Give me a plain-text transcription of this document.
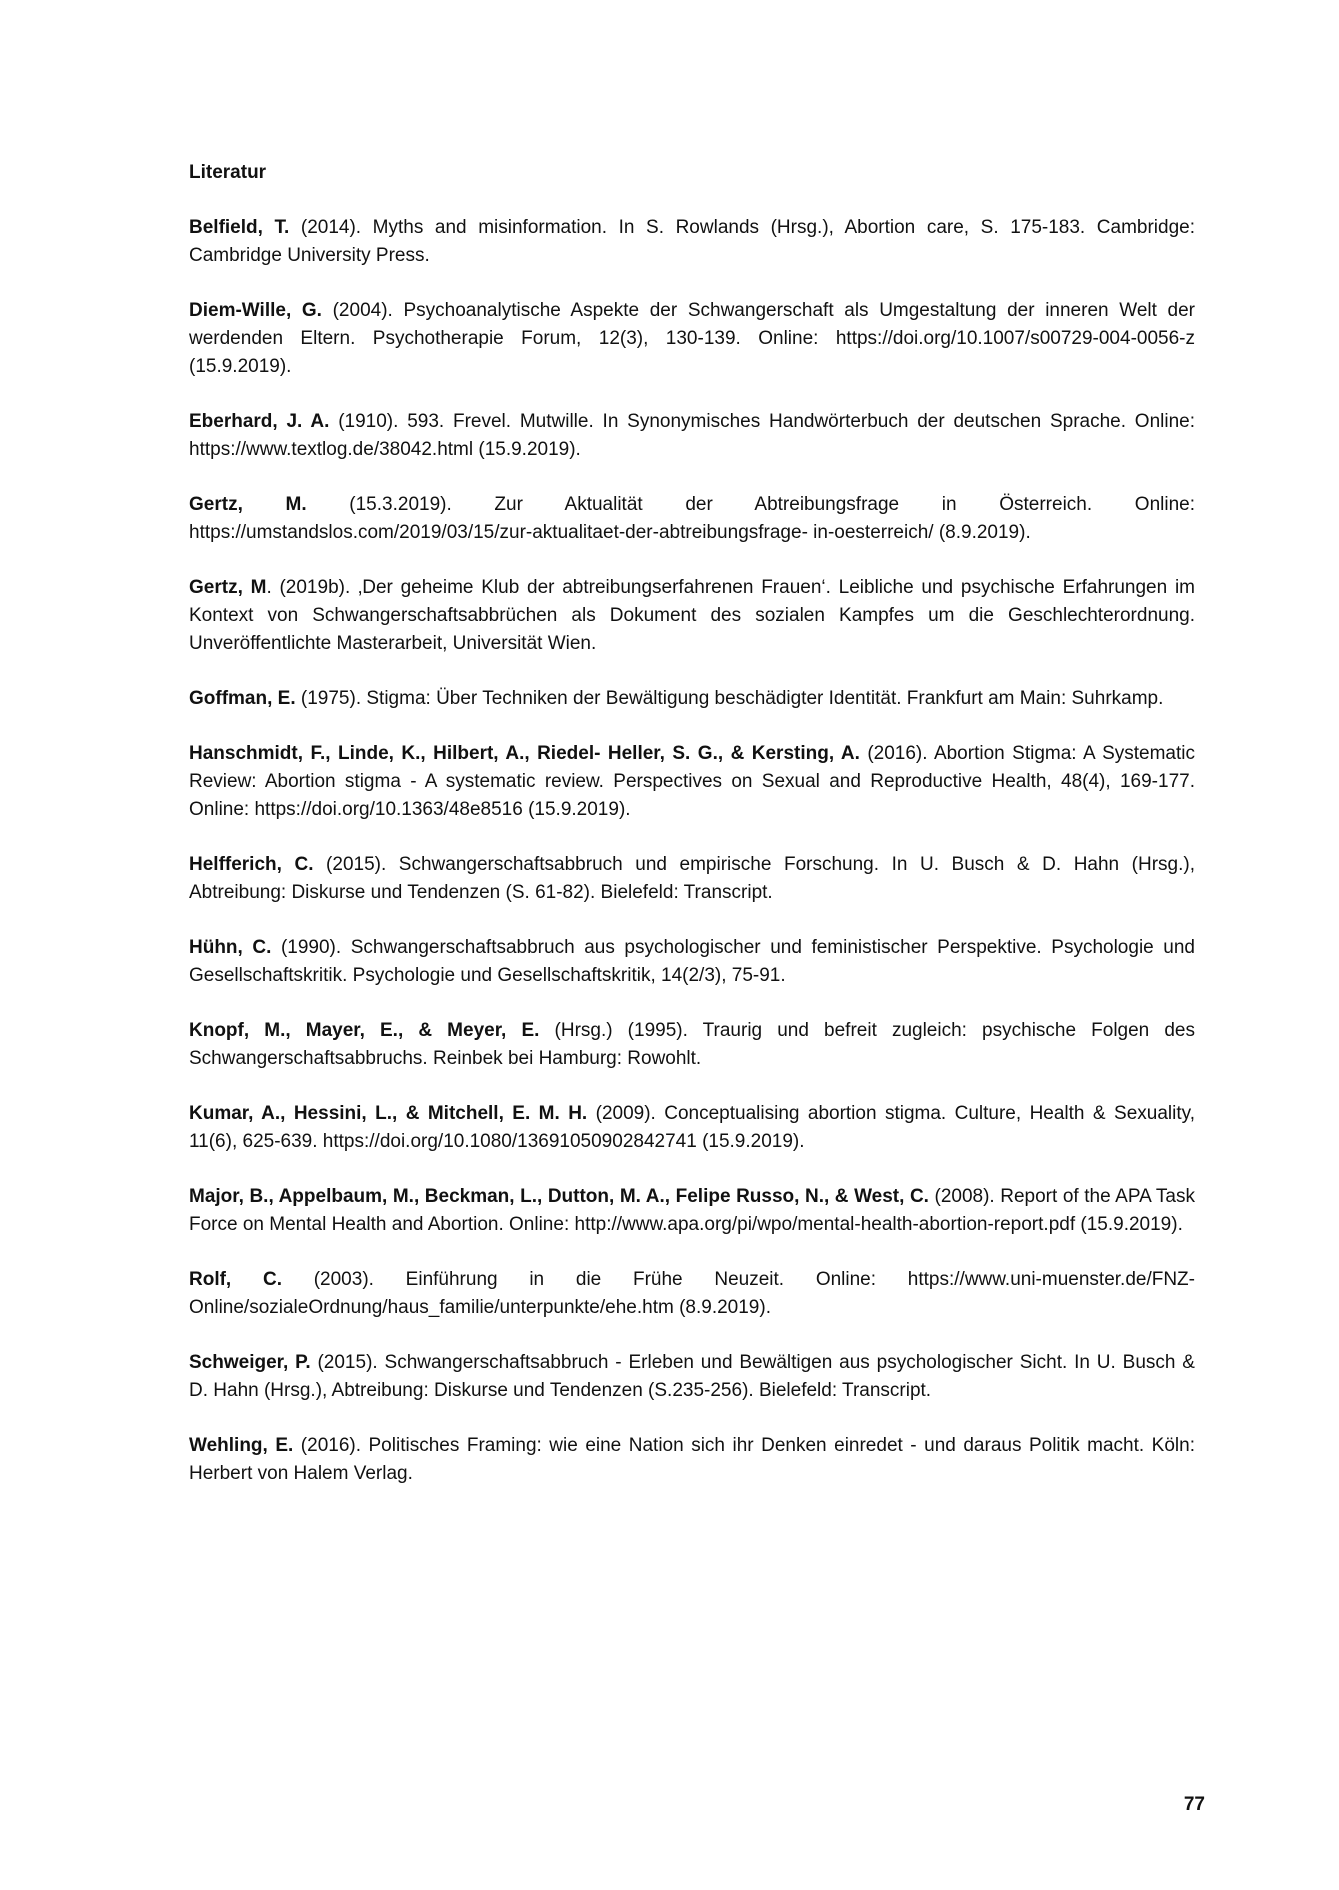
Literatur
Belfield, T. (2014). Myths and misinformation. In S. Rowlands (Hrsg.), Abortion care, S. 175-183. Cambridge: Cambridge University Press.
Diem-Wille, G. (2004). Psychoanalytische Aspekte der Schwangerschaft als Umgestaltung der inneren Welt der werdenden Eltern. Psychotherapie Forum, 12(3), 130-139. Online: https://doi.org/10.1007/s00729-004-0056-z (15.9.2019).
Eberhard, J. A. (1910). 593. Frevel. Mutwille. In Synonymisches Handwörterbuch der deutschen Sprache. Online: https://www.textlog.de/38042.html (15.9.2019).
Gertz, M. (15.3.2019). Zur Aktualität der Abtreibungsfrage in Österreich. Online: https://umstandslos.com/2019/03/15/zur-aktualitaet-der-abtreibungsfrage- in-oesterreich/ (8.9.2019).
Gertz, M. (2019b). ‚Der geheime Klub der abtreibungserfahrenen Frauen‘. Leibliche und psychische Erfahrungen im Kontext von Schwangerschaftsabbrüchen als Dokument des sozialen Kampfes um die Geschlechterordnung. Unveröffentlichte Masterarbeit, Universität Wien.
Goffman, E. (1975). Stigma: Über Techniken der Bewältigung beschädigter Identität. Frankfurt am Main: Suhrkamp.
Hanschmidt, F., Linde, K., Hilbert, A., Riedel- Heller, S. G., & Kersting, A. (2016). Abortion Stigma: A Systematic Review: Abortion stigma - A systematic review. Perspectives on Sexual and Reproductive Health, 48(4), 169-177. Online: https://doi.org/10.1363/48e8516 (15.9.2019).
Helfferich, C. (2015). Schwangerschaftsabbruch und empirische Forschung. In U. Busch & D. Hahn (Hrsg.), Abtreibung: Diskurse und Tendenzen (S. 61-82). Bielefeld: Transcript.
Hühn, C. (1990). Schwangerschaftsabbruch aus psychologischer und feministischer Perspektive. Psychologie und Gesellschaftskritik. Psychologie und Gesellschaftskritik, 14(2/3), 75-91.
Knopf, M., Mayer, E., & Meyer, E. (Hrsg.) (1995). Traurig und befreit zugleich: psychische Folgen des Schwangerschaftsabbruchs. Reinbek bei Hamburg: Rowohlt.
Kumar, A., Hessini, L., & Mitchell, E. M. H. (2009). Conceptualising abortion stigma. Culture, Health & Sexuality, 11(6), 625-639. https://doi.org/10.1080/13691050902842741 (15.9.2019).
Major, B., Appelbaum, M., Beckman, L., Dutton, M. A., Felipe Russo, N., & West, C. (2008). Report of the APA Task Force on Mental Health and Abortion. Online: http://www.apa.org/pi/wpo/mental-health-abortion-report.pdf (15.9.2019).
Rolf, C. (2003). Einführung in die Frühe Neuzeit. Online: https://www.uni-muenster.de/FNZ-Online/sozialeOrdnung/haus_familie/unterpunkte/ehe.htm (8.9.2019).
Schweiger, P. (2015). Schwangerschaftsabbruch - Erleben und Bewältigen aus psychologischer Sicht. In U. Busch & D. Hahn (Hrsg.), Abtreibung: Diskurse und Tendenzen (S.235-256). Bielefeld: Transcript.
Wehling, E. (2016). Politisches Framing: wie eine Nation sich ihr Denken einredet - und daraus Politik macht. Köln: Herbert von Halem Verlag.
77
